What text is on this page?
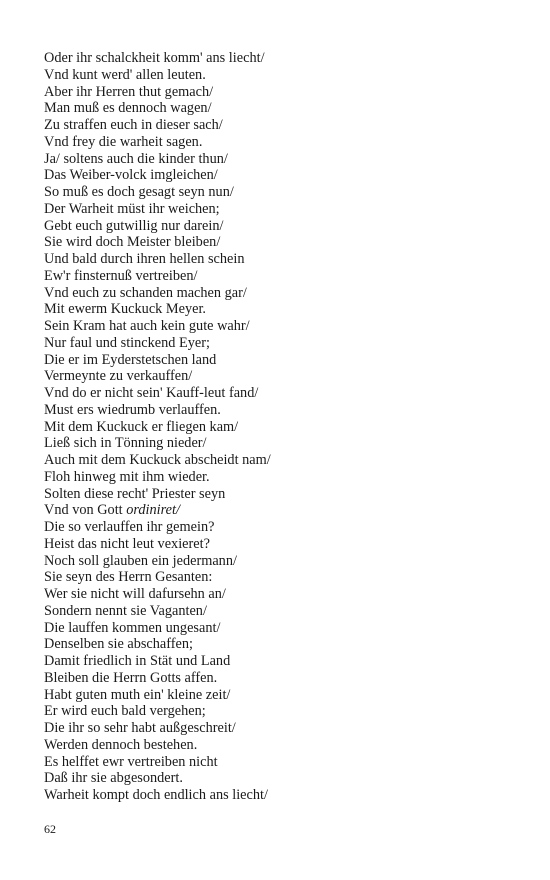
Oder ihr schalckheit komm' ans liecht/
Vnd kunt werd' allen leuten.
Aber ihr Herren thut gemach/
Man muß es dennoch wagen/
Zu straffen euch in dieser sach/
Vnd frey die warheit sagen.
Ja/ soltens auch die kinder thun/
Das Weiber-volck imgleichen/
So muß es doch gesagt seyn nun/
Der Warheit müst ihr weichen;
Gebt euch gutwillig nur darein/
Sie wird doch Meister bleiben/
Und bald durch ihren hellen schein
Ew'r finsternuß vertreiben/
Vnd euch zu schanden machen gar/
Mit ewerm Kuckuck Meyer.
Sein Kram hat auch kein gute wahr/
Nur faul und stinckend Eyer;
Die er im Eyderstetschen land
Vermeynte zu verkauffen/
Vnd do er nicht sein' Kauff-leut fand/
Must ers wiedrumb verlauffen.
Mit dem Kuckuck er fliegen kam/
Ließ sich in Tönning nieder/
Auch mit dem Kuckuck abscheidt nam/
Floh hinweg mit ihm wieder.
Solten diese recht' Priester seyn
Vnd von Gott ordiniret/
Die so verlauffen ihr gemein?
Heist das nicht leut vexieret?
Noch soll glauben ein jedermann/
Sie seyn des Herrn Gesanten:
Wer sie nicht will dafursehn an/
Sondern nennt sie Vaganten/
Die lauffen kommen ungesant/
Denselben sie abschaffen;
Damit friedlich in Stät und Land
Bleiben die Herrn Gotts affen.
Habt guten muth ein' kleine zeit/
Er wird euch bald vergehen;
Die ihr so sehr habt außgeschreit/
Werden dennoch bestehen.
Es helffet ewr vertreiben nicht
Daß ihr sie abgesondert.
Warheit kompt doch endlich ans liecht/
62
